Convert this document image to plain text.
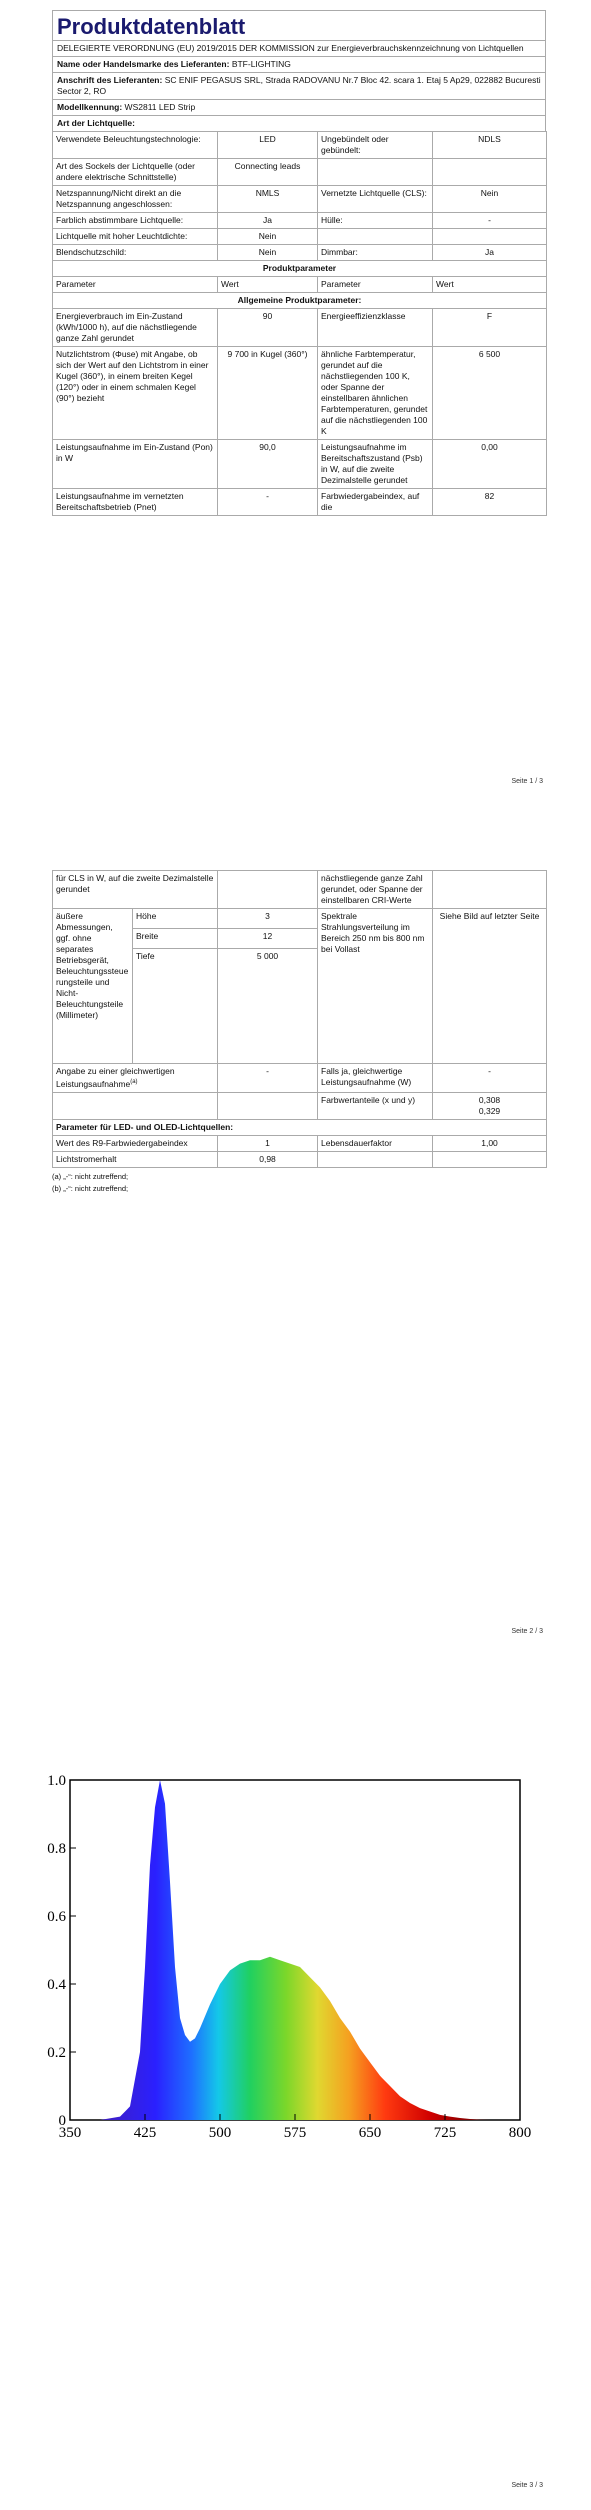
Produktdatenblatt
DELEGIERTE VERORDNUNG (EU) 2019/2015 DER KOMMISSION zur Energieverbrauchskennzeichnung von Lichtquellen
Name oder Handelsmarke des Lieferanten: BTF-LIGHTING
Anschrift des Lieferanten: SC ENIF PEGASUS SRL, Strada RADOVANU Nr.7 Bloc 42. scara 1. Etaj 5 Ap29, 022882 Bucuresti Sector 2, RO
Modellkennung: WS2811 LED Strip
Art der Lichtquelle:
Verwendete Beleuchtungstechnologie:	LED	Ungebündelt oder gebündelt:	NDLS
Art des Sockels der Lichtquelle (oder andere elektrische Schnittstelle)	Connecting leads		
Netzspannung/Nicht direkt an die Netzspannung angeschlossen:	NMLS	Vernetzte Lichtquelle (CLS):	Nein
Farblich abstimmbare Lichtquelle:	Ja	Hülle:	-
Lichtquelle mit hoher Leuchtdichte:	Nein		
Blendschutzschild:	Nein	Dimmbar:	Ja
Produktparameter			
Parameter	Wert	Parameter	Wert
Allgemeine Produktparameter:			
Energieverbrauch im Ein-Zustand (kWh/1000 h), auf die nächstliegende ganze Zahl gerundet	90	Energieeffizienzklasse	F
Nutzlichtstrom (Φuse) mit Angabe, ob sich der Wert auf den Lichtstrom in einer Kugel (360°), in einem breiten Kegel (120°) oder in einem schmalen Kegel (90°) bezieht	9 700 in Kugel (360°)	ähnliche Farbtemperatur, gerundet auf die nächstliegenden 100 K, oder Spanne der einstellbaren ähnlichen Farbtemperaturen, gerundet auf die nächstliegenden 100 K	6 500
Leistungsaufnahme im Ein-Zustand (Pon) in W	90,0	Leistungsaufnahme im Bereitschaftszustand (Psb) in W, auf die zweite Dezimalstelle gerundet	0,00
Leistungsaufnahme im vernetzten Bereitschaftsbetrieb (Pnet)	-	Farbwiedergabeindex, auf die	82
Seite 1 / 3
für CLS in W, auf die zweite Dezimalstelle gerundet			nächstliegende ganze Zahl gerundet, oder Spanne der einstellbaren CRI-Werte	
äußere Abmessungen, ggf. ohne separates Betriebsgerät, Beleuchtungssteuerungsteile und Nicht-Beleuchtungsteile (Millimeter)	Höhe	3	Spektrale Strahlungsverteilung im Bereich 250 nm bis 800 nm bei Vollast	Siehe Bild auf letzter Seite
	Breite	12		
	Tiefe	5 000		
Angabe zu einer gleichwertigen Leistungsaufnahme$^{(a)}$		-	Falls ja, gleichwertige Leistungsaufnahme (W)	-
			Farbwertanteile (x und y)	0,308
0,329

Parameter für LED- und OLED-Lichtquellen:				
Wert des R9-Farbwiedergabeindex		1	Lebensdauerfaktor	1,00
Lichtstromerhalt		0,98		
(a) „-“: nicht zutreffend;
(b) „-“: nicht zutreffend;
Seite 2 / 3
350	425	500	575	650	725	800
0
0.2
0.4
0.6
0.8
1.0
Seite 3 / 3
